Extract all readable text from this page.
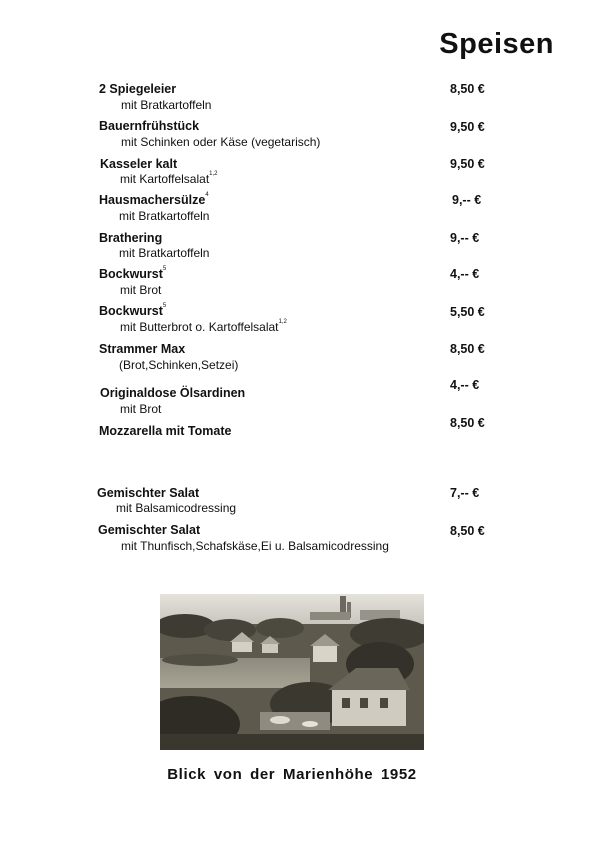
Speisen
2 Spiegeleier
mit Bratkartoffeln
8,50 €
Bauernfrühstück
mit Schinken oder Käse (vegetarisch)
9,50 €
Kasseler kalt
mit Kartoffelsalat$^{1,2}$
9,50 €
Hausmachersülze$^4$
mit Bratkartoffeln
9,-- €
Brathering
mit Bratkartoffeln
9,-- €
Bockwurst$^5$
mit Brot
4,-- €
Bockwurst$^5$
mit Butterbrot o. Kartoffelsalat$^{1,2}$
5,50 €
Strammer Max
(Brot,Schinken,Setzei)
8,50 €
Originaldose Ölsardinen
mit Brot
4,-- €
Mozzarella mit Tomate
8,50 €
Gemischter Salat
mit Balsamicodressing
7,-- €
Gemischter Salat
mit Thunfisch,Schafskäse,Ei u. Balsamicodressing
8,50 €
Blick von der Marienhöhe 1952
